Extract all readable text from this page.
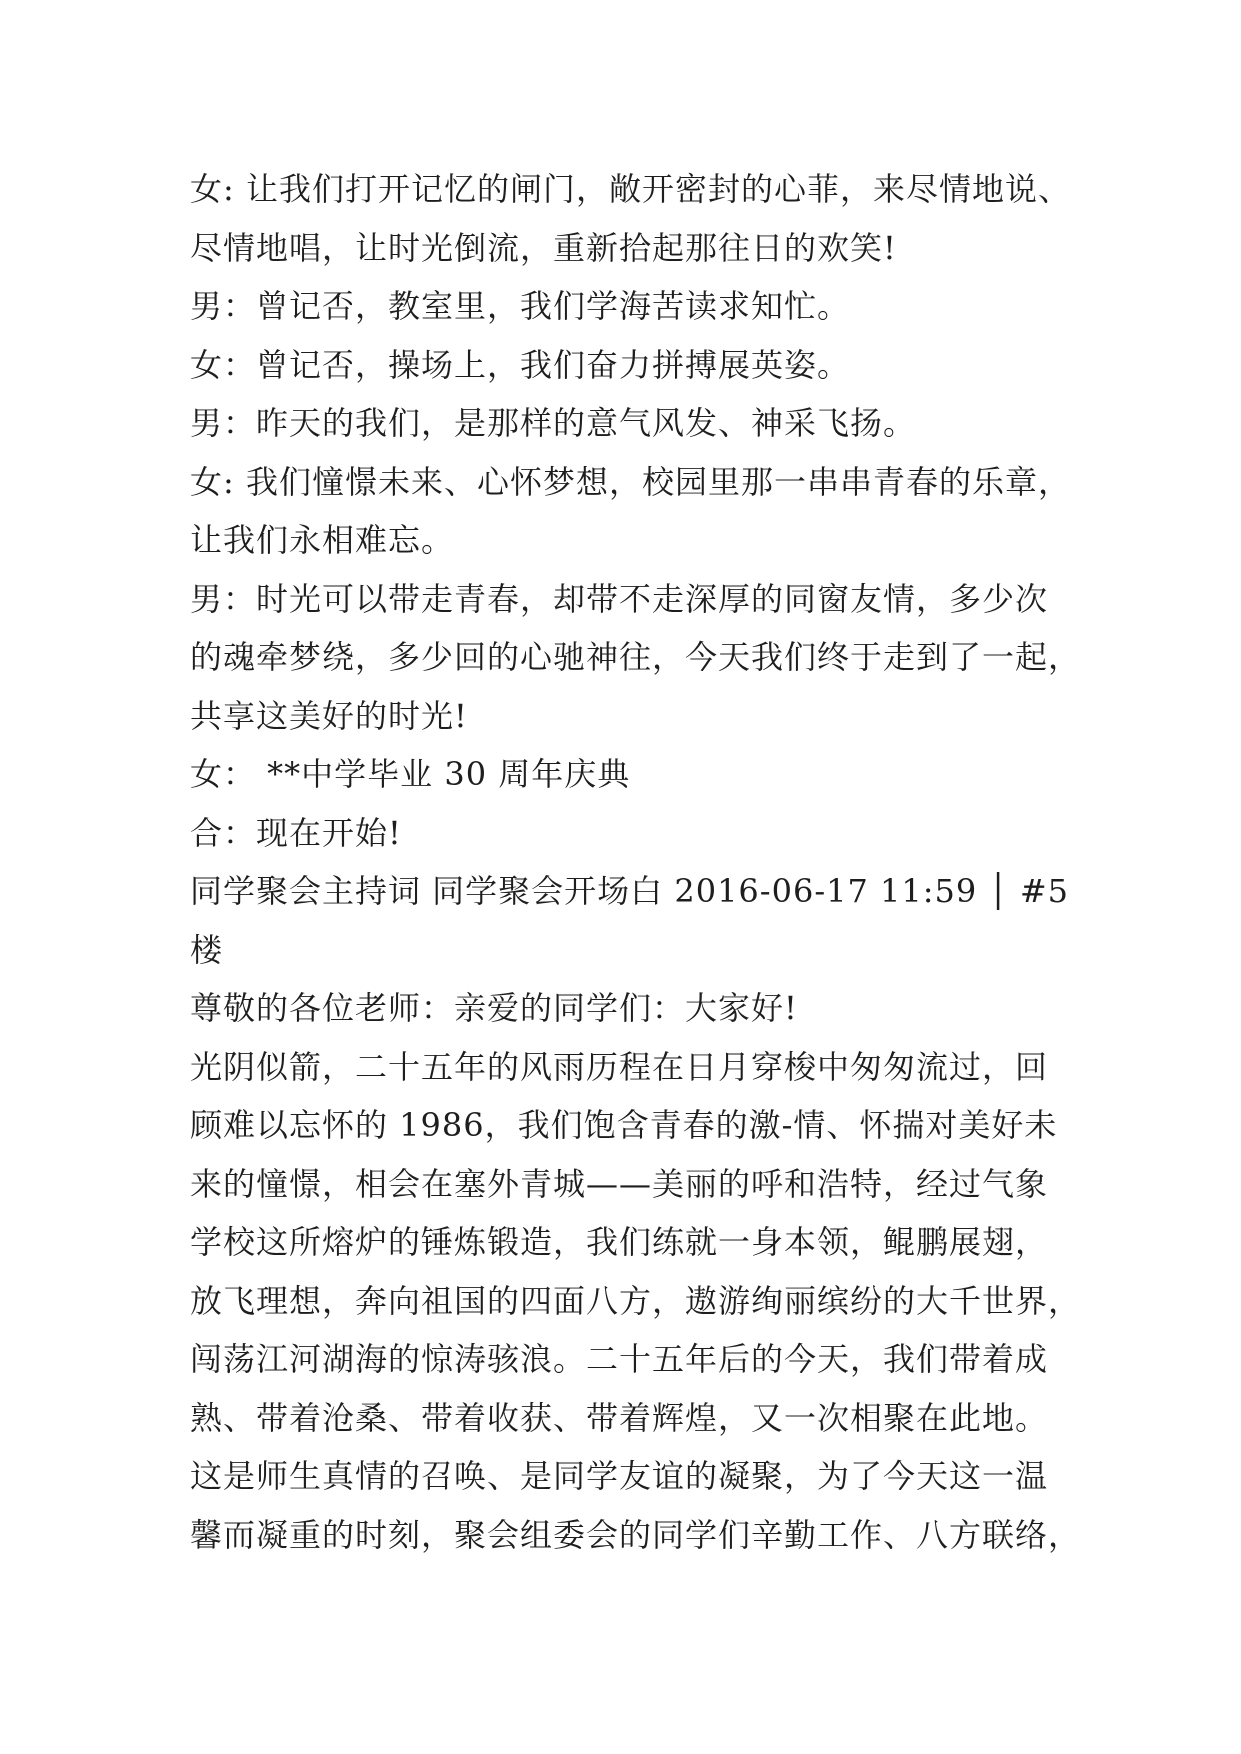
女: 让我们打开记忆的闸门，敞开密封的心菲，来尽情地说、
尽情地唱，让时光倒流，重新拾起那往日的欢笑!
男：曾记否，教室里，我们学海苦读求知忙。
女：曾记否，操场上，我们奋力拼搏展英姿。
男：昨天的我们，是那样的意气风发、神采飞扬。
女: 我们憧憬未来、心怀梦想，校园里那一串串青春的乐章，
让我们永相难忘。
男：时光可以带走青春，却带不走深厚的同窗友情，多少次
的魂牵梦绕，多少回的心驰神往，今天我们终于走到了一起，
共享这美好的时光!
女： **中学毕业 30 周年庆典
合：现在开始!
同学聚会主持词 同学聚会开场白 2016-06-17 11:59 │ #5
楼
尊敬的各位老师：亲爱的同学们：大家好!
光阴似箭，二十五年的风雨历程在日月穿梭中匆匆流过，回
顾难以忘怀的 1986，我们饱含青春的激-情、怀揣对美好未
来的憧憬，相会在塞外青城——美丽的呼和浩特，经过气象
学校这所熔炉的锤炼锻造，我们练就一身本领，鲲鹏展翅，
放飞理想，奔向祖国的四面八方，遨游绚丽缤纷的大千世界，
闯荡江河湖海的惊涛骇浪。二十五年后的今天，我们带着成
熟、带着沧桑、带着收获、带着辉煌，又一次相聚在此地。
这是师生真情的召唤、是同学友谊的凝聚，为了今天这一温
馨而凝重的时刻，聚会组委会的同学们辛勤工作、八方联络，
